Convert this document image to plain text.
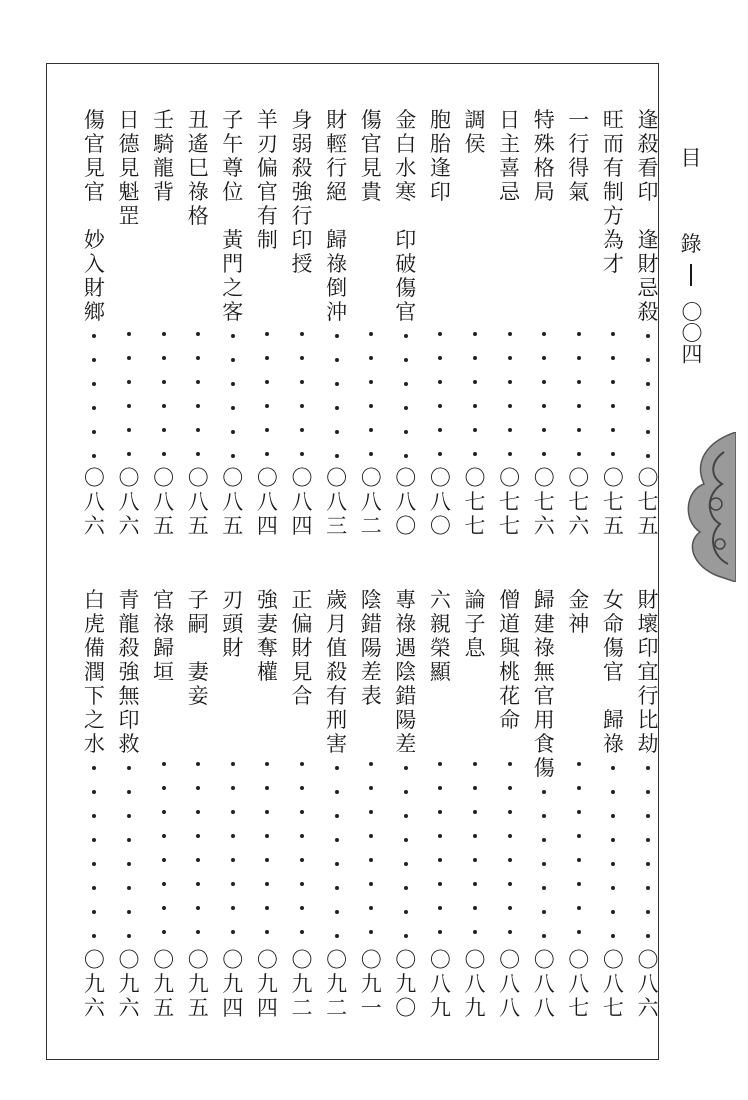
目
錄
〇〇四
逢
殺
看
印

逢
財
忌
殺
〇
七
五
旺
而
有
制
方
為
才
〇
七
五
一
行
得
氣
〇
七
六
特
殊
格
局
〇
七
六
日
主
喜
忌
〇
七
七
調
侯
〇
七
七
胞
胎
逢
印
〇
八
〇
金
白
水
寒

印
破
傷
官
〇
八
〇
傷
官
見
貴
〇
八
二
財
輕
行
絕

歸
祿
倒
沖
〇
八
三
身
弱
殺
強
行
印
授
〇
八
四
羊
刃
偏
官
有
制
〇
八
四
子
午
尊
位

黃
門
之
客
〇
八
五
丑
遙
巳
祿
格
〇
八
五
壬
騎
龍
背
〇
八
五
日
德
見
魁
罡
〇
八
六
傷
官
見
官

妙
入
財
鄉
〇
八
六
財
壞
印
宜
行
比
劫
〇
八
六
女
命
傷
官

歸
祿
〇
八
七
金
神
〇
八
七
歸
建
祿
無
官
用
食
傷
〇
八
八
僧
道
與
桃
花
命
〇
八
八
論
子
息
〇
八
九
六
親
榮
顯
〇
八
九
專
祿
遇
陰
錯
陽
差
〇
九
〇
陰
錯
陽
差
表
〇
九
一
歲
月
值
殺
有
刑
害
〇
九
二
正
偏
財
見
合
〇
九
二
強
妻
奪
權
〇
九
四
刃
頭
財
〇
九
四
子
嗣

妻
妾
〇
九
五
官
祿
歸
垣
〇
九
五
青
龍
殺
強
無
印
救
〇
九
六
白
虎
備
潤
下
之
水
〇
九
六
